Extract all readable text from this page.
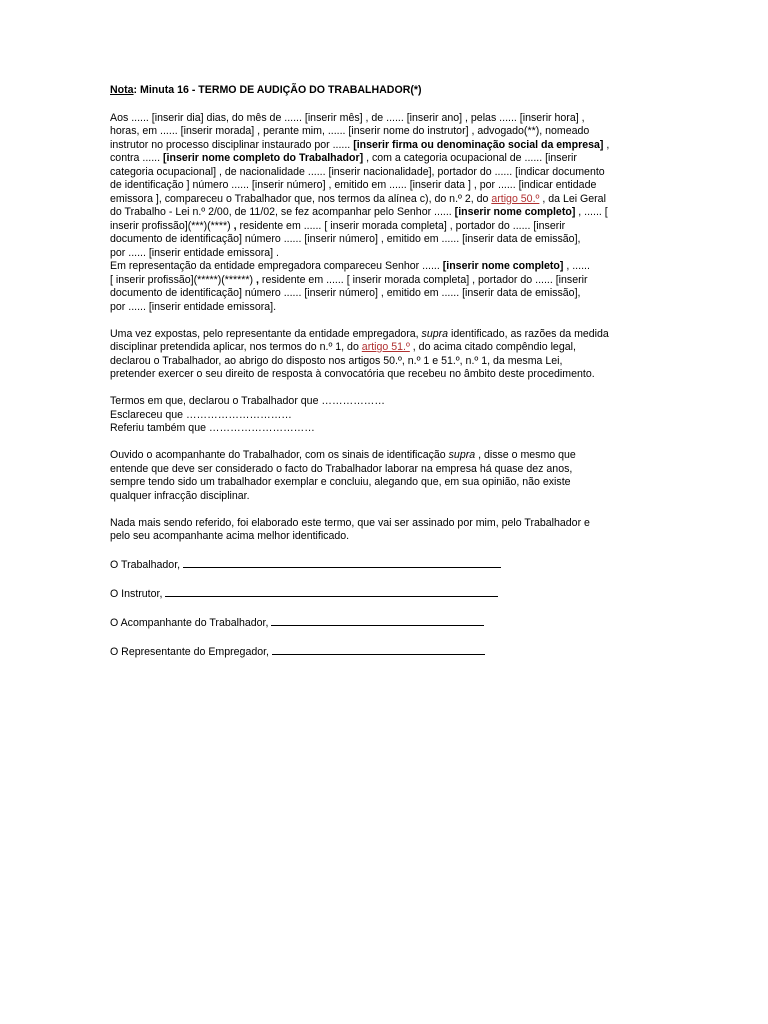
Nota: Minuta 16 - TERMO DE AUDIÇÃO DO TRABALHADOR(*)

Aos ...... [inserir dia] dias, do mês de ...... [inserir mês] , de ...... [inserir ano] , pelas ...... [inserir hora] ,
horas, em ...... [inserir morada] , perante mim, ...... [inserir nome do instrutor] , advogado(**), nomeado
instrutor no processo disciplinar instaurado por ...... [inserir firma ou denominação social da empresa] ,
contra ...... [inserir nome completo do Trabalhador] , com a categoria ocupacional de ...... [inserir
categoria ocupacional] , de nacionalidade ...... [inserir nacionalidade], portador do ...... [indicar documento
de identificação ] número ...... [inserir número] , emitido em ...... [inserir data ] , por ...... [indicar entidade
emissora ], compareceu o Trabalhador que, nos termos da alínea c), do n.º 2, do artigo 50.º , da Lei Geral
do Trabalho - Lei n.º 2/00, de 11/02, se fez acompanhar pelo Senhor ...... [inserir nome completo] , ...... [
inserir profissão](***)(****) , residente em ...... [ inserir morada completa] , portador do ...... [inserir
documento de identificação] número ...... [inserir número] , emitido em ...... [inserir data de emissão],
por ...... [inserir entidade emissora] .
Em representação da entidade empregadora compareceu Senhor ...... [inserir nome completo] , ......
[ inserir profissão](*****)(******) , residente em ...... [ inserir morada completa] , portador do ...... [inserir
documento de identificação] número ...... [inserir número] , emitido em ...... [inserir data de emissão],
por ...... [inserir entidade emissora].

Uma vez expostas, pelo representante da entidade empregadora, supra identificado, as razões da medida
disciplinar pretendida aplicar, nos termos do n.º 1, do artigo 51.º , do acima citado compêndio legal,
declarou o Trabalhador, ao abrigo do disposto nos artigos 50.º, n.º 1 e 51.º, n.º 1, da mesma Lei,
pretender exercer o seu direito de resposta à convocatória que recebeu no âmbito deste procedimento.

Termos em que, declarou o Trabalhador que ………………
Esclareceu que …………………………
Referiu também que …………………………

Ouvido o acompanhante do Trabalhador, com os sinais de identificação supra , disse o mesmo que
entende que deve ser considerado o facto do Trabalhador laborar na empresa há quase dez anos,
sempre tendo sido um trabalhador exemplar e concluiu, alegando que, em sua opinião, não existe
qualquer infracção disciplinar.

Nada mais sendo referido, foi elaborado este termo, que vai ser assinado por mim, pelo Trabalhador e
pelo seu acompanhante acima melhor identificado.

O Trabalhador,

O Instrutor,

O Acompanhante do Trabalhador,

O Representante do Empregador,
